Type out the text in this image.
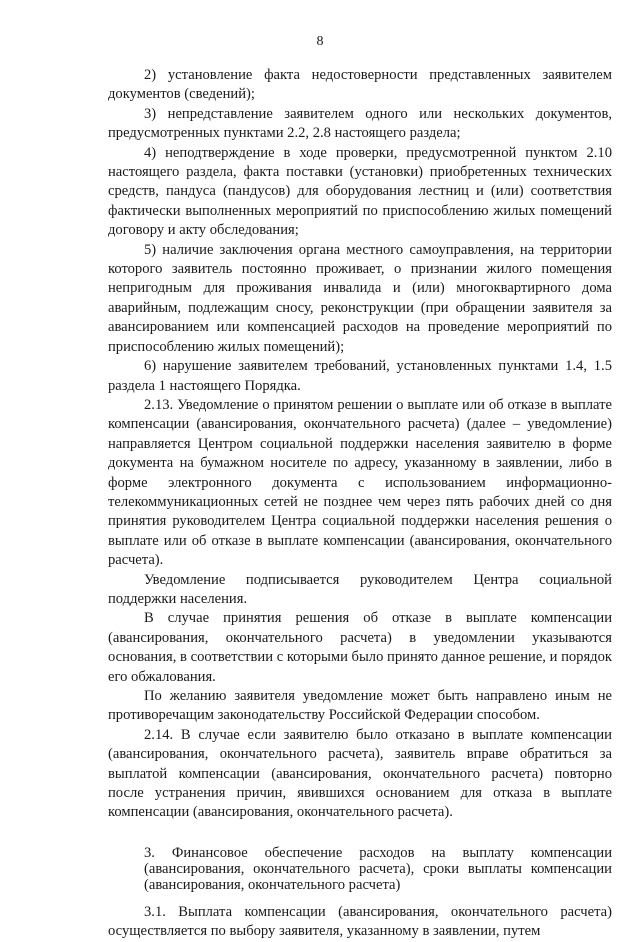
8

2) установление факта недостоверности представленных заявителем документов (сведений);

3) непредставление заявителем одного или нескольких документов, предусмотренных пунктами 2.2, 2.8 настоящего раздела;

4) неподтверждение в ходе проверки, предусмотренной пунктом 2.10 настоящего раздела, факта поставки (установки) приобретенных технических средств, пандуса (пандусов) для оборудования лестниц и (или) соответствия фактически выполненных мероприятий по приспособлению жилых помещений договору и акту обследования;

5) наличие заключения органа местного самоуправления, на территории которого заявитель постоянно проживает, о признании жилого помещения непригодным для проживания инвалида и (или) многоквартирного дома аварийным, подлежащим сносу, реконструкции (при обращении заявителя за авансированием или компенсацией расходов на проведение мероприятий по приспособлению жилых помещений);

6) нарушение заявителем требований, установленных пунктами 1.4, 1.5 раздела 1 настоящего Порядка.

2.13. Уведомление о принятом решении о выплате или об отказе в выплате компенсации (авансирования, окончательного расчета) (далее – уведомление) направляется Центром социальной поддержки населения заявителю в форме документа на бумажном носителе по адресу, указанному в заявлении, либо в форме электронного документа с использованием информационно-телекоммуникационных сетей не позднее чем через пять рабочих дней со дня принятия руководителем Центра социальной поддержки населения решения о выплате или об отказе в выплате компенсации (авансирования, окончательного расчета).

Уведомление подписывается руководителем Центра социальной поддержки населения.

В случае принятия решения об отказе в выплате компенсации (авансирования, окончательного расчета) в уведомлении указываются основания, в соответствии с которыми было принято данное решение, и порядок его обжалования.

По желанию заявителя уведомление может быть направлено иным не противоречащим законодательству Российской Федерации способом.

2.14. В случае если заявителю было отказано в выплате компенсации (авансирования, окончательного расчета), заявитель вправе обратиться за выплатой компенсации (авансирования, окончательного расчета) повторно после устранения причин, явившихся основанием для отказа в выплате компенсации (авансирования, окончательного расчета).

3. Финансовое обеспечение расходов на выплату компенсации (авансирования, окончательного расчета), сроки выплаты компенсации (авансирования, окончательного расчета)

3.1. Выплата компенсации (авансирования, окончательного расчета) осуществляется по выбору заявителя, указанному в заявлении, путем
